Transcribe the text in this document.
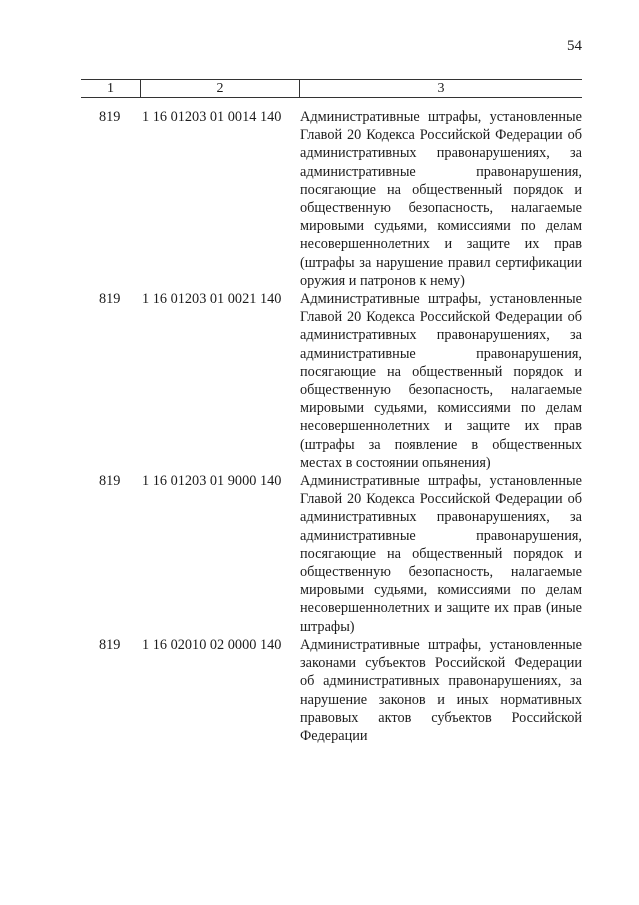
54
1	2	3
819	1 16 01203 01 0014 140	Административные штрафы, установленные Главой 20 Кодекса Российской Федерации об административных правонарушениях, за административные правонарушения, посягающие на общественный порядок и общественную безопасность, налагаемые мировыми судьями, комиссиями по делам несовершеннолетних и защите их прав (штрафы за нарушение правил сертификации оружия и патронов к нему)
819	1 16 01203 01 0021 140	Административные штрафы, установленные Главой 20 Кодекса Российской Федерации об административных правонарушениях, за административные правонарушения, посягающие на общественный порядок и общественную безопасность, налагаемые мировыми судьями, комиссиями по делам несовершеннолетних и защите их прав (штрафы за появление в общественных местах в состоянии опьянения)
819	1 16 01203 01 9000 140	Административные штрафы, установленные Главой 20 Кодекса Российской Федерации об административных правонарушениях, за административные правонарушения, посягающие на общественный порядок и общественную безопасность, налагаемые мировыми судьями, комиссиями по делам несовершеннолетних и защите их прав (иные штрафы)
819	1 16 02010 02 0000 140	Административные штрафы, установленные законами субъектов Российской Федерации об административных правонарушениях, за нарушение законов и иных нормативных правовых актов субъектов Российской Федерации
